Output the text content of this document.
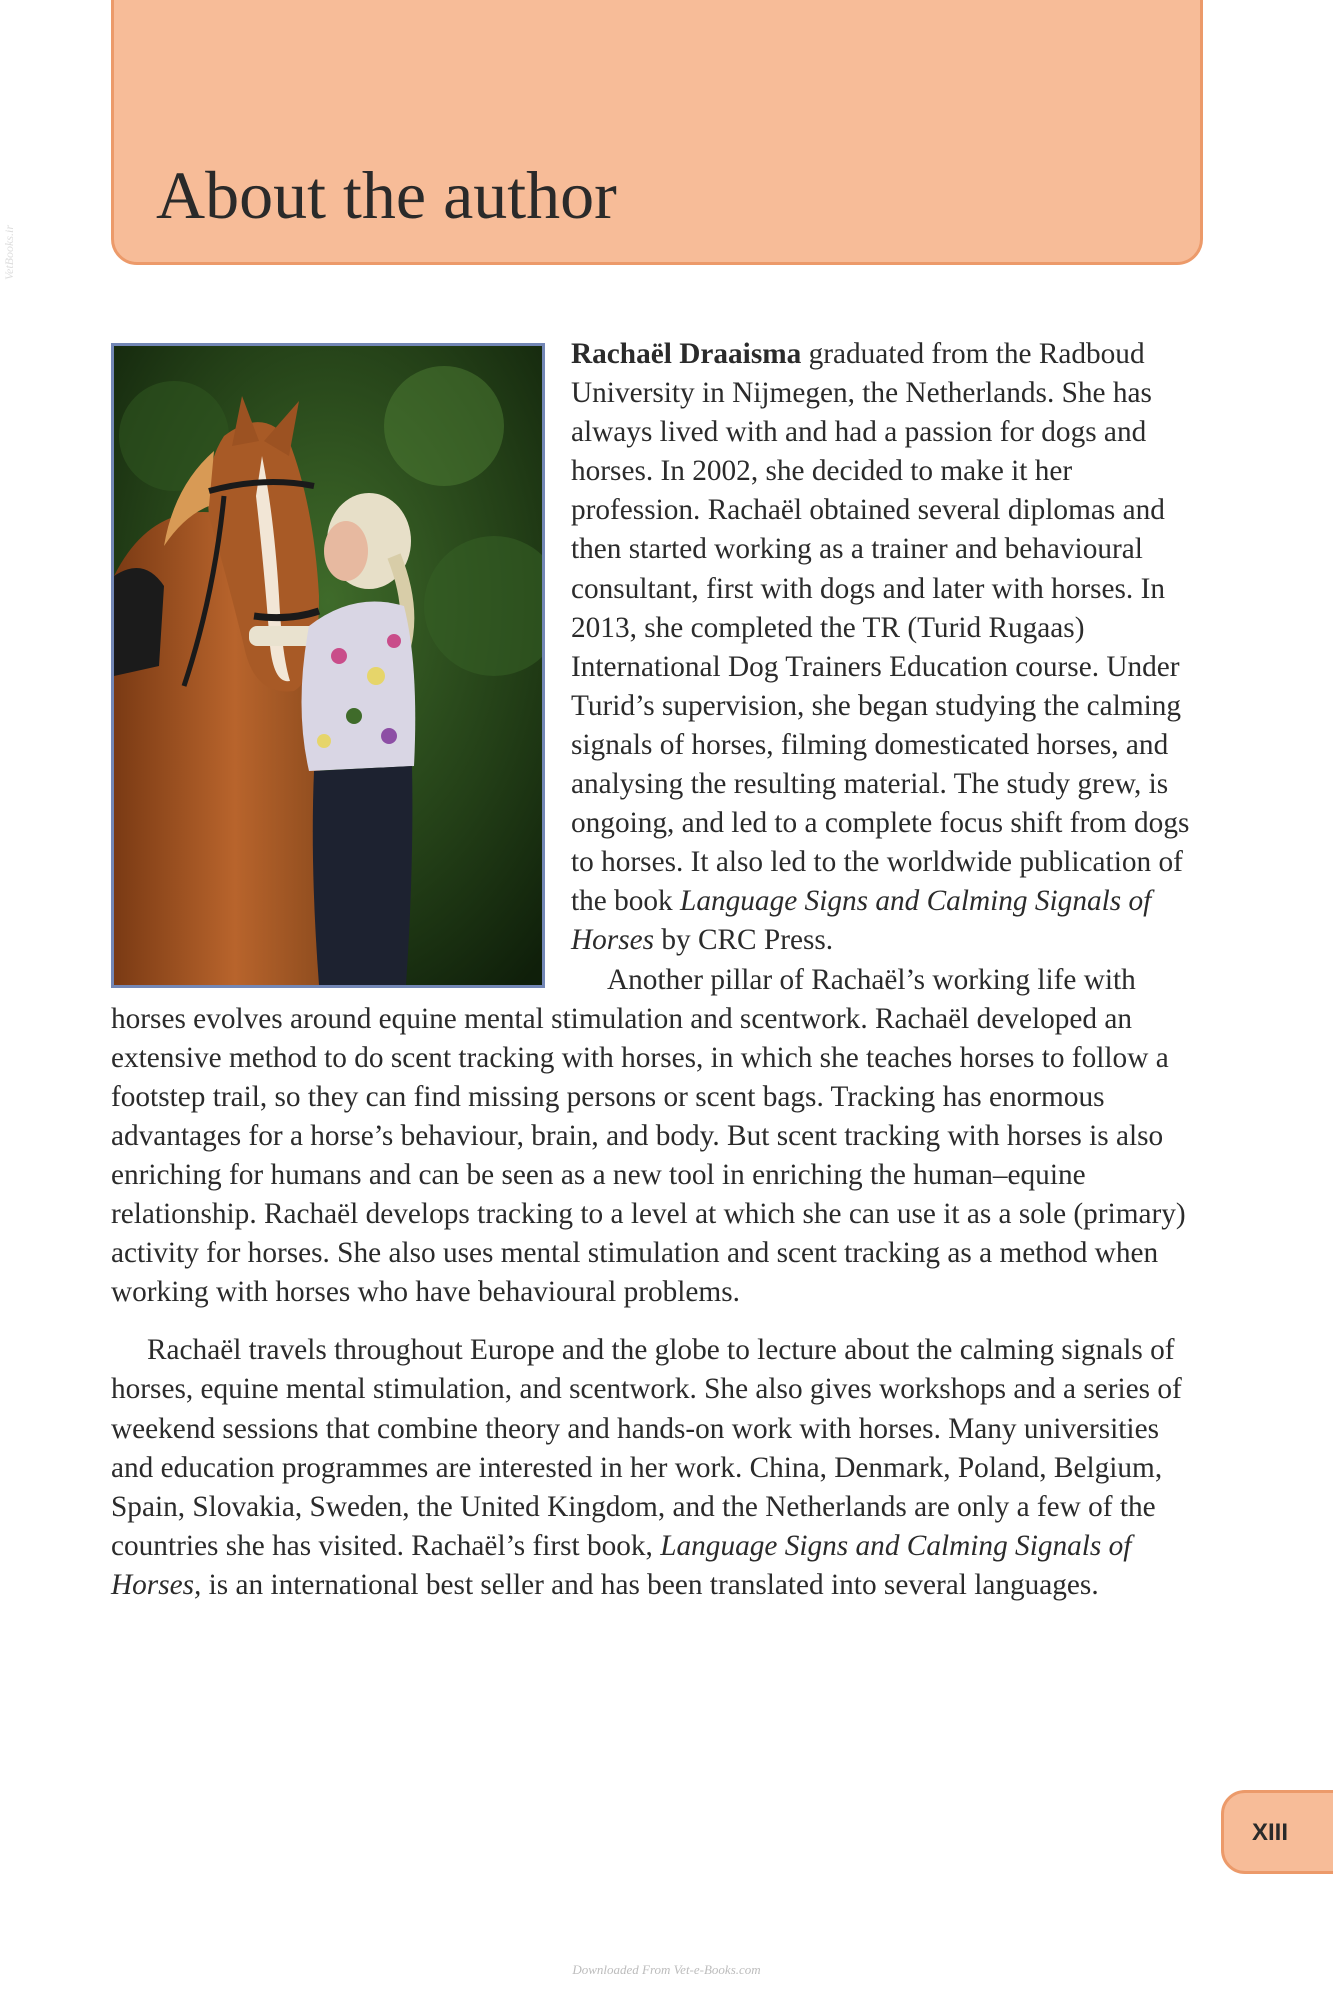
About the author
VetBooks.ir

Rachaël Draaisma graduated from the Radboud University in Nijmegen, the Netherlands. She has always lived with and had a passion for dogs and horses. In 2002, she decided to make it her profession. Rachaël obtained several diplomas and then started working as a trainer and behavioural consultant, first with dogs and later with horses. In 2013, she completed the TR (Turid Rugaas) International Dog Trainers Education course. Under Turid’s supervision, she began studying the calming signals of horses, filming domesticated horses, and analysing the resulting material. The study grew, is ongoing, and led to a complete focus shift from dogs to horses. It also led to the worldwide publication of the book Language Signs and Calming Signals of Horses by CRC Press.

Another pillar of Rachaël’s working life with horses evolves around equine mental stimulation and scentwork. Rachaël developed an extensive method to do scent tracking with horses, in which she teaches horses to follow a footstep trail, so they can find missing persons or scent bags. Tracking has enormous advantages for a horse’s behaviour, brain, and body. But scent tracking with horses is also enriching for humans and can be seen as a new tool in enriching the human–equine relationship. Rachaël develops tracking to a level at which she can use it as a sole (primary) activity for horses. She also uses mental stimulation and scent tracking as a method when working with horses who have behavioural problems.

Rachaël travels throughout Europe and the globe to lecture about the calming signals of horses, equine mental stimulation, and scentwork. She also gives workshops and a series of weekend sessions that combine theory and hands-on work with horses. Many universities and education programmes are interested in her work. China, Denmark, Poland, Belgium, Spain, Slovakia, Sweden, the United Kingdom, and the Netherlands are only a few of the countries she has visited. Rachaël’s first book, Language Signs and Calming Signals of Horses, is an international best seller and has been translated into several languages.

XIII
Downloaded From Vet-e-Books.com
